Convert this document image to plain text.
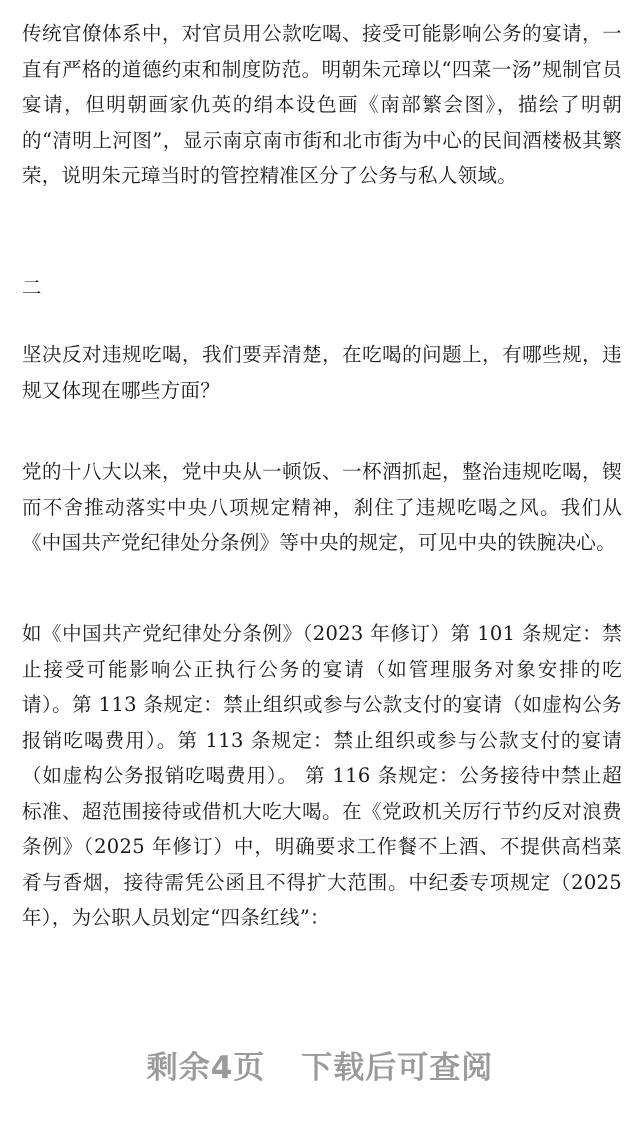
传统官僚体系中，对官员用公款吃喝、接受可能影响公务的宴请，一直有严格的道德约束和制度防范。明朝朱元璋以“四菜一汤”规制官员宴请，但明朝画家仇英的绢本设色画《南部繁会图》，描绘了明朝的“清明上河图”，显示南京南市街和北市街为中心的民间酒楼极其繁荣，说明朱元璋当时的管控精准区分了公务与私人领域。

二

坚决反对违规吃喝，我们要弄清楚，在吃喝的问题上，有哪些规，违规又体现在哪些方面？

党的十八大以来，党中央从一顿饭、一杯酒抓起，整治违规吃喝，锲而不舍推动落实中央八项规定精神，刹住了违规吃喝之风。我们从《中国共产党纪律处分条例》等中央的规定，可见中央的铁腕决心。

如《中国共产党纪律处分条例》（2023 年修订）第 101 条规定：禁止接受可能影响公正执行公务的宴请（如管理服务对象安排的吃请）。第 113 条规定：禁止组织或参与公款支付的宴请（如虚构公务报销吃喝费用）。第 113 条规定：禁止组织或参与公款支付的宴请（如虚构公务报销吃喝费用）。 第 116 条规定：公务接待中禁止超标准、超范围接待或借机大吃大喝。在《党政机关厉行节约反对浪费条例》（2025 年修订）中，明确要求工作餐不上酒、不提供高档菜肴与香烟，接待需凭公函且不得扩大范围。中纪委专项规定（2025 年），为公职人员划定“四条红线”：

剩余4页 下载后可查阅
